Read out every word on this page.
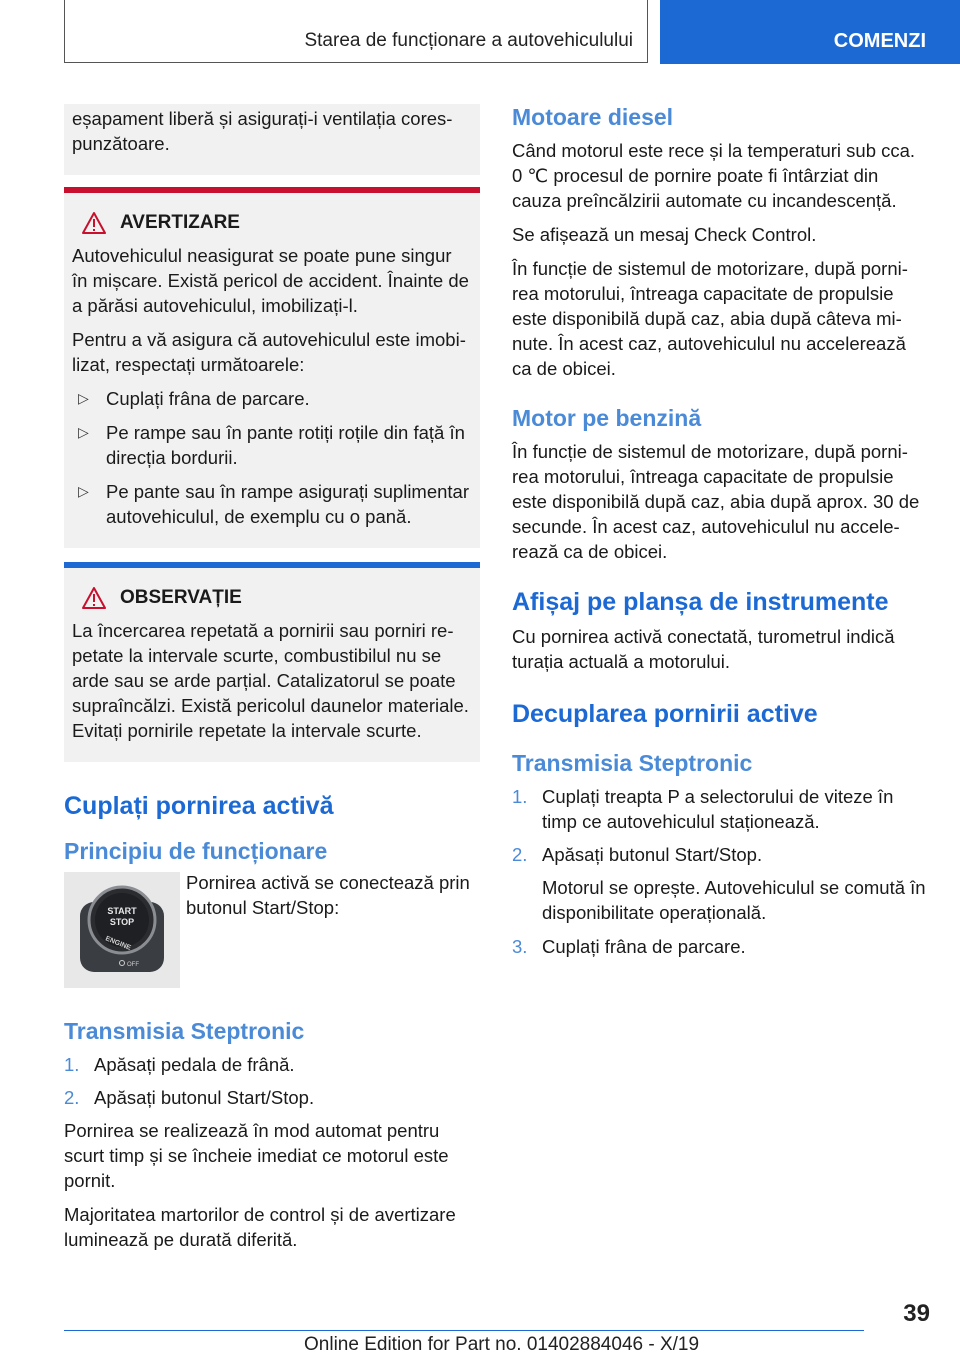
Starea de funcționare a autovehiculului	COMENZI

eșapament liberă și asigurați-i ventilația corespunzătoare.

AVERTIZARE

Autovehiculul neasigurat se poate pune singur în mișcare. Există pericol de accident. Înainte de a părăsi autovehiculul, imobilizați-l.

Pentru a vă asigura că autovehiculul este imobilizat, respectați următoarele:

▷ Cuplați frâna de parcare.
▷ Pe rampe sau în pante rotiți roțile din față în direcția bordurii.
▷ Pe pante sau în rampe asigurați suplimentar autovehiculul, de exemplu cu o pană.
OBSERVAȚIE

La încercarea repetată a pornirii sau porniri repetate la intervale scurte, combustibilul nu se arde sau se arde parțial. Catalizatorul se poate supraîncălzi. Există pericolul daunelor materiale. Evitați pornirile repetate la intervale scurte.

Cuplați pornirea activă
Principiu de funcționare
START
STOP
ENGINE
OFF

Pornirea activă se conectează prin butonul Start/Stop:

Transmisia Steptronic
1. Apăsați pedala de frână.
2. Apăsați butonul Start/Stop.

Pornirea se realizează în mod automat pentru scurt timp și se încheie imediat ce motorul este pornit.

Majoritatea martorilor de control și de avertizare luminează pe durată diferită.

Motoare diesel

Când motorul este rece și la temperaturi sub cca. 0 ℃ procesul de pornire poate fi întârziat din cauza preîncălzirii automate cu incandescență.

Se afișează un mesaj Check Control.

În funcție de sistemul de motorizare, după pornirea motorului, întreaga capacitate de propulsie este disponibilă după caz, abia după câteva minute. În acest caz, autovehiculul nu accelerează ca de obicei.

Motor pe benzină

În funcție de sistemul de motorizare, după pornirea motorului, întreaga capacitate de propulsie este disponibilă după caz, abia după aprox. 30 de secunde. În acest caz, autovehiculul nu accelerează ca de obicei.

Afișaj pe planșa de instrumente

Cu pornirea activă conectată, turometrul indică turația actuală a motorului.

Decuplarea pornirii active
Transmisia Steptronic
1. Cuplați treapta P a selectorului de viteze în timp ce autovehiculul staționează.
2. Apăsați butonul Start/Stop.

Motorul se oprește. Autovehiculul se comută în disponibilitate operațională.

3. Cuplați frâna de parcare.
39
Online Edition for Part no. 01402884046 - X/19
